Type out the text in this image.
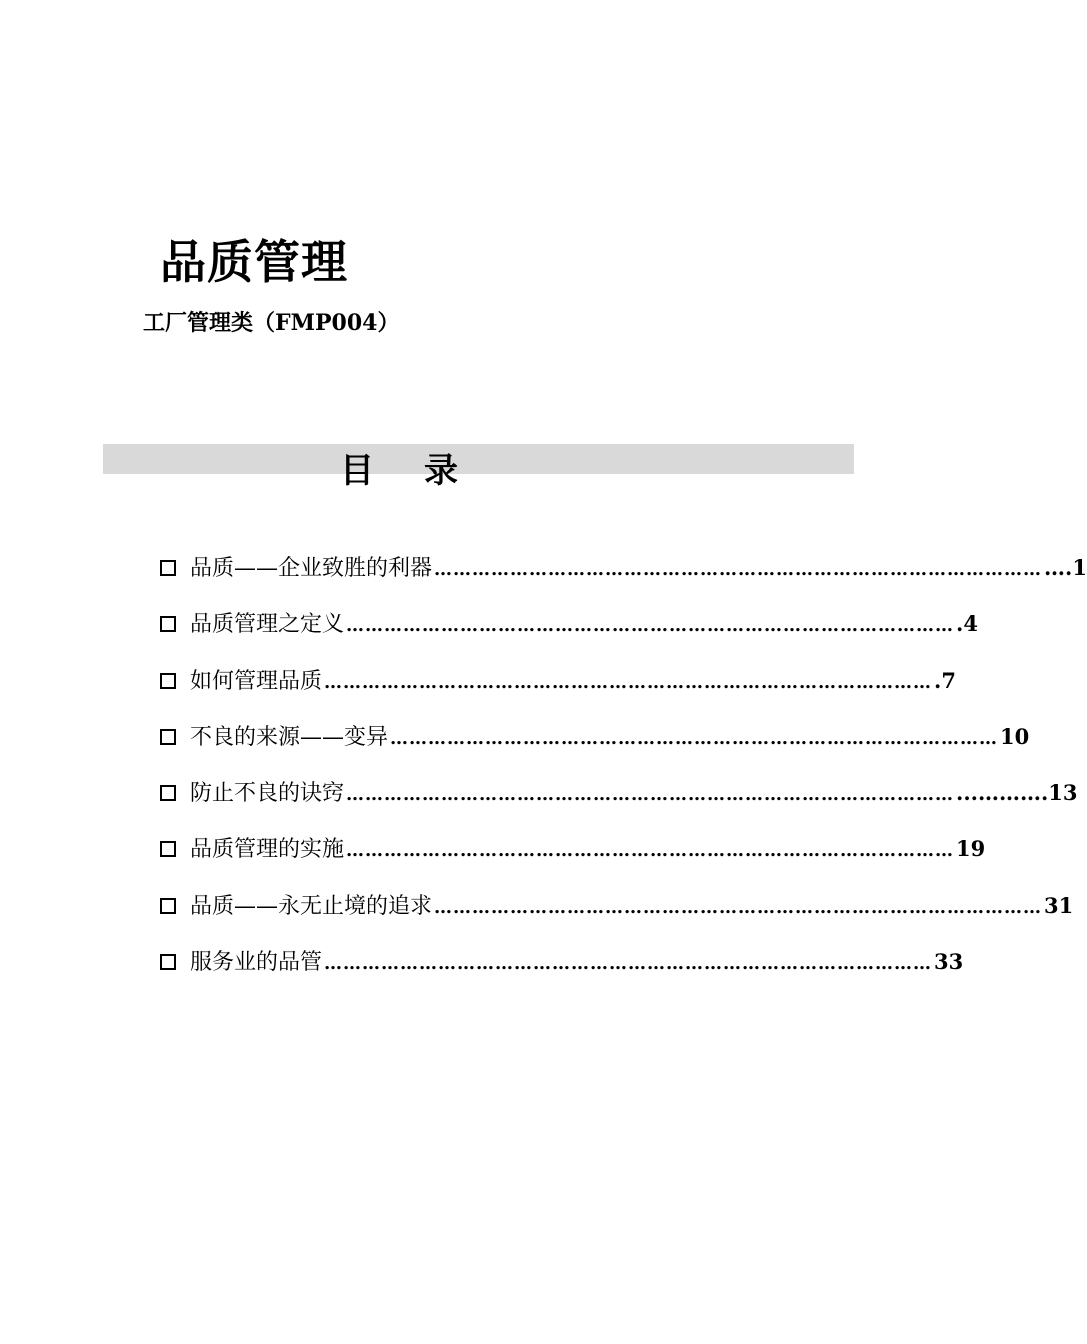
品质管理
工厂管理类（FMP004）
目 录
品质——企业致胜的利器 …………………………………………………………………………………… ….1
品质管理之定义 …………………………………………………………………………………… .4
如何管理品质 …………………………………………………………………………………… .7
不良的来源——变异 …………………………………………………………………………………… 10
防止不良的诀窍 …………………………………………………………………………………… ...……….13
品质管理的实施 …………………………………………………………………………………… 19
品质——永无止境的追求 …………………………………………………………………………………… 31
服务业的品管 …………………………………………………………………………………… 33
